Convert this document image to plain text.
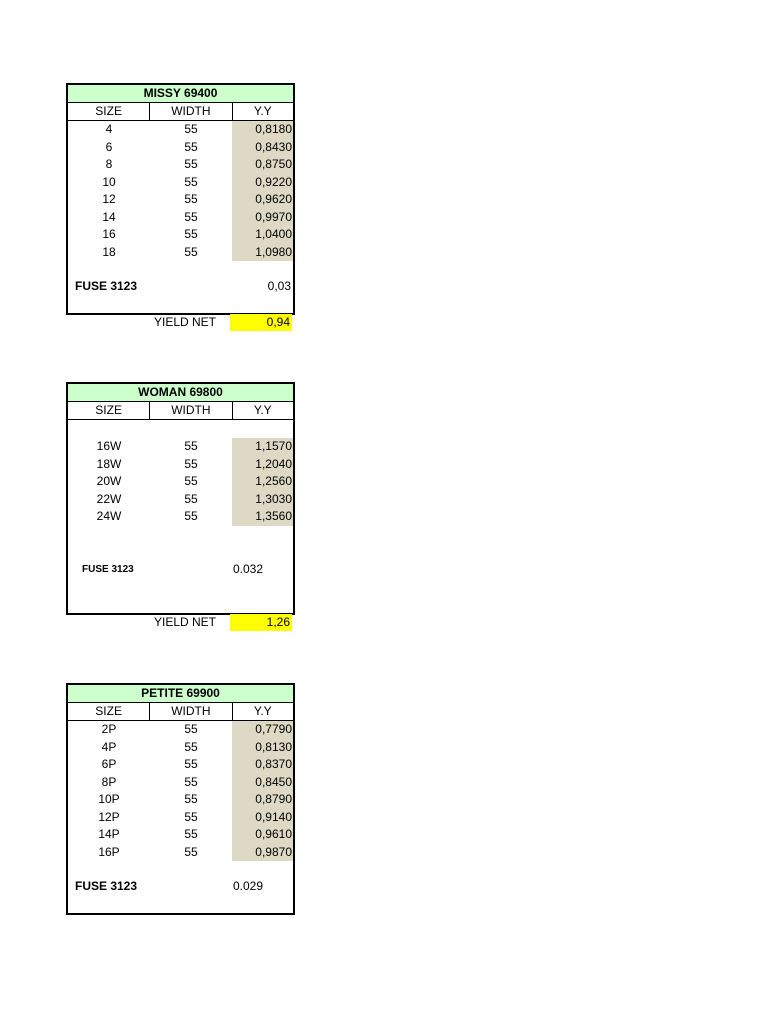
MISSY 69400
SIZE	WIDTH	Y.Y
4	55	0,8180
6	55	0,8430
8	55	0,8750
10	55	0,9220
12	55	0,9620
14	55	0,9970
16	55	1,0400
18	55	1,0980
FUSE 3123	0,03
YIELD NET	0,94
WOMAN 69800
SIZE	WIDTH	Y.Y
16W	55	1,1570
18W	55	1,2040
20W	55	1,2560
22W	55	1,3030
24W	55	1,3560
FUSE 3123	0.032
YIELD NET	1,26
PETITE 69900
SIZE	WIDTH	Y.Y
2P	55	0,7790
4P	55	0,8130
6P	55	0,8370
8P	55	0,8450
10P	55	0,8790
12P	55	0,9140
14P	55	0,9610
16P	55	0,9870
FUSE 3123	0.029
